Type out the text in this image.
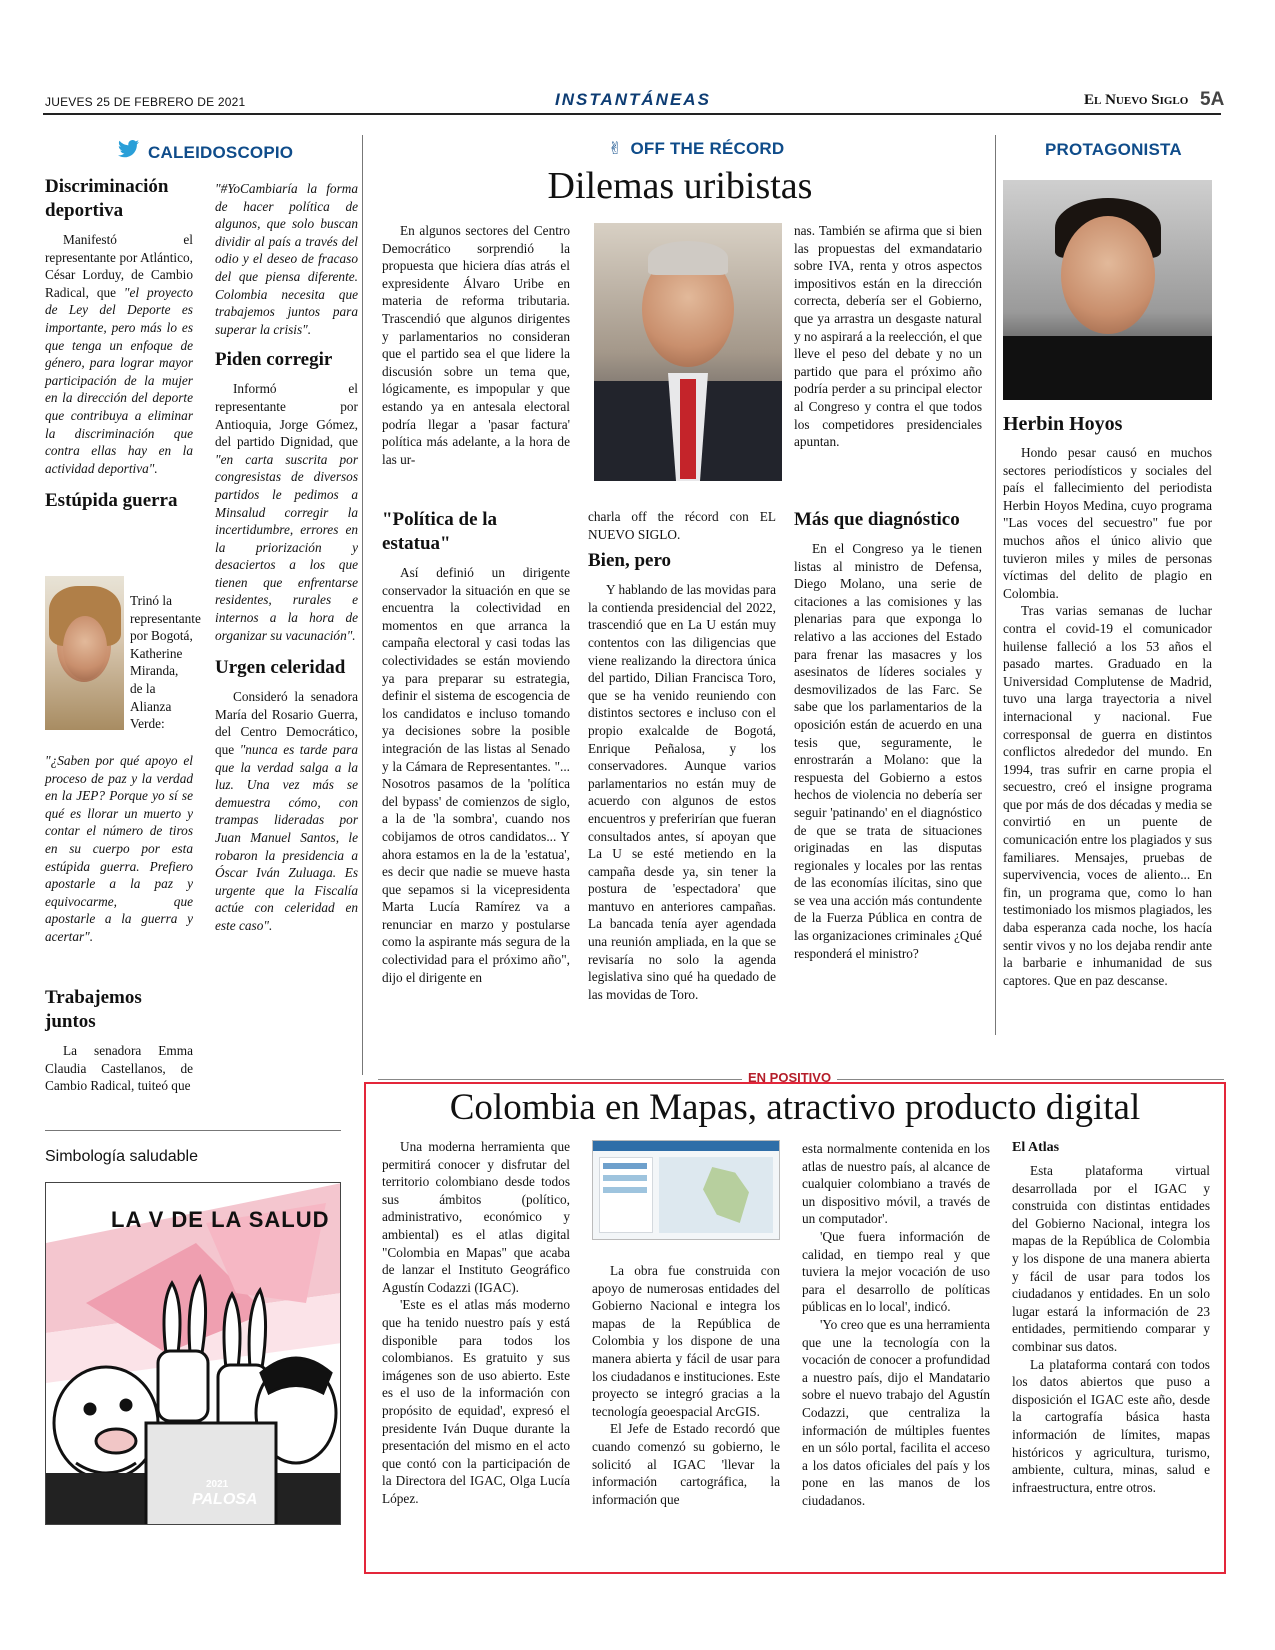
JUEVES 25 DE FEBRERO DE 2021	INSTANTÁNEAS	El Nuevo Siglo 5A
CALEIDOSCOPIO
Discriminación deportiva

Manifestó el representante por Atlántico, César Lorduy, de Cambio Radical, que "el proyecto de Ley del Deporte es importante, pero más lo es que tenga un enfoque de género, para lograr mayor participación de la mujer en la dirección del deporte que contribuya a eliminar la discriminación que contra ellas hay en la actividad deportiva".

Estúpida guerra
Trinó la representante por Bogotá, Katherine Miranda, de la Alianza Verde:
"¿Saben por qué apoyo el proceso de paz y la verdad en la JEP? Porque yo sí se qué es llorar un muerto y contar el número de tiros en su cuerpo por esta estúpida guerra. Prefiero apostarle a la paz y equivocarme, que apostarle a la guerra y acertar".
Trabajemos juntos

La senadora Emma Claudia Castellanos, de Cambio Radical, tuiteó que

"#YoCambiaría la forma de hacer política de algunos, que solo buscan dividir al país a través del odio y el deseo de fracaso del que piensa diferente. Colombia necesita que trabajemos juntos para superar la crisis".
Piden corregir

Informó el representante por Antioquia, Jorge Gómez, del partido Dignidad, que "en carta suscrita por congresistas de diversos partidos le pedimos a Minsalud corregir la incertidumbre, errores en la priorización y desaciertos a los que tienen que enfrentarse residentes, rurales e internos a la hora de organizar su vacunación".

Urgen celeridad

Consideró la senadora María del Rosario Guerra, del Centro Democrático, que "nunca es tarde para que la verdad salga a la luz. Una vez más se demuestra cómo, con trampas lideradas por Juan Manuel Santos, le robaron la presidencia a Óscar Iván Zuluaga. Es urgente que la Fiscalía actúe con celeridad en este caso".

✌ OFF THE RÉCORD
Dilemas uribistas

En algunos sectores del Centro Democrático sorprendió la propuesta que hiciera días atrás el expresidente Álvaro Uribe en materia de reforma tributaria. Trascendió que algunos dirigentes y parlamentarios no consideran que el partido sea el que lidere la discusión sobre un tema que, lógicamente, es impopular y que estando ya en antesala electoral podría llegar a 'pasar factura' política más adelante, a la hora de las ur-

nas. También se afirma que si bien las propuestas del exmandatario sobre IVA, renta y otros aspectos impositivos están en la dirección correcta, debería ser el Gobierno, que ya arrastra un desgaste natural y no aspirará a la reelección, el que lleve el peso del debate y no un partido que para el próximo año podría perder a su principal elector al Congreso y contra el que todos los competidores presidenciales apuntan.

"Política de la estatua"

Así definió un dirigente conservador la situación en que se encuentra la colectividad en momentos en que arranca la campaña electoral y casi todas las colectividades se están moviendo ya para preparar su estrategia, definir el sistema de escogencia de los candidatos e incluso tomando ya decisiones sobre la posible integración de las listas al Senado y la Cámara de Representantes. "... Nosotros pasamos de la 'política del bypass' de comienzos de siglo, a la de 'la sombra', cuando nos cobijamos de otros candidatos... Y ahora estamos en la de la 'estatua', es decir que nadie se mueve hasta que sepamos si la vicepresidenta Marta Lucía Ramírez va a renunciar en marzo y postularse como la aspirante más segura de la colectividad para el próximo año", dijo el dirigente en

charla off the récord con EL NUEVO SIGLO.

Bien, pero

Y hablando de las movidas para la contienda presidencial del 2022, trascendió que en La U están muy contentos con las diligencias que viene realizando la directora única del partido, Dilian Francisca Toro, que se ha venido reuniendo con distintos sectores e incluso con el propio exalcalde de Bogotá, Enrique Peñalosa, y los conservadores. Aunque varios parlamentarios no están muy de acuerdo con algunos de estos encuentros y preferirían que fueran consultados antes, sí apoyan que La U se esté metiendo en la campaña desde ya, sin tener la postura de 'espectadora' que mantuvo en anteriores campañas. La bancada tenía ayer agendada una reunión ampliada, en la que se revisaría no solo la agenda legislativa sino qué ha quedado de las movidas de Toro.

Más que diagnóstico

En el Congreso ya le tienen listas al ministro de Defensa, Diego Molano, una serie de citaciones a las comisiones y las plenarias para que exponga lo relativo a las acciones del Estado para frenar las masacres y los asesinatos de líderes sociales y desmovilizados de las Farc. Se sabe que los parlamentarios de la oposición están de acuerdo en una tesis que, seguramente, le enrostrarán a Molano: que la respuesta del Gobierno a estos hechos de violencia no debería ser seguir 'patinando' en el diagnóstico de que se trata de situaciones originadas en las disputas regionales y locales por las rentas de las economías ilícitas, sino que se vea una acción más contundente de la Fuerza Pública en contra de las organizaciones criminales ¿Qué responderá el ministro?

PROTAGONISTA
Herbin Hoyos

Hondo pesar causó en muchos sectores periodísticos y sociales del país el fallecimiento del periodista Herbin Hoyos Medina, cuyo programa "Las voces del secuestro" fue por muchos años el único alivio que tuvieron miles y miles de personas víctimas del delito de plagio en Colombia.

Tras varias semanas de luchar contra el covid-19 el comunicador huilense falleció a los 53 años el pasado martes. Graduado en la Universidad Complutense de Madrid, tuvo una larga trayectoria a nivel internacional y nacional. Fue corresponsal de guerra en distintos conflictos alrededor del mundo. En 1994, tras sufrir en carne propia el secuestro, creó el insigne programa que por más de dos décadas y media se convirtió en un puente de comunicación entre los plagiados y sus familiares. Mensajes, pruebas de supervivencia, voces de aliento... En fin, un programa que, como lo han testimoniado los mismos plagiados, les daba esperanza cada noche, los hacía sentir vivos y no los dejaba rendir ante la barbarie e inhumanidad de sus captores. Que en paz descanse.

EN POSITIVO
Colombia en Mapas, atractivo producto digital

Una moderna herramienta que permitirá conocer y disfrutar del territorio colombiano desde todos sus ámbitos (político, administrativo, económico y ambiental) es el atlas digital "Colombia en Mapas" que acaba de lanzar el Instituto Geográfico Agustín Codazzi (IGAC).

'Este es el atlas más moderno que ha tenido nuestro país y está disponible para todos los colombianos. Es gratuito y sus imágenes son de uso abierto. Este es el uso de la información con propósito de equidad', expresó el presidente Iván Duque durante la presentación del mismo en el acto que contó con la participación de la Directora del IGAC, Olga Lucía López.

La obra fue construida con apoyo de numerosas entidades del Gobierno Nacional e integra los mapas de la República de Colombia y los dispone de una manera abierta y fácil de usar para los ciudadanos e instituciones. Este proyecto se integró gracias a la tecnología geoespacial ArcGIS.

El Jefe de Estado recordó que cuando comenzó su gobierno, le solicitó al IGAC 'llevar la información cartográfica, la información que

esta normalmente contenida en los atlas de nuestro país, al alcance de cualquier colombiano a través de un dispositivo móvil, a través de un computador'.

'Que fuera información de calidad, en tiempo real y que tuviera la mejor vocación de uso para el desarrollo de políticas públicas en lo local', indicó.

'Yo creo que es una herramienta que une la tecnología con la vocación de conocer a profundidad a nuestro país, dijo el Mandatario sobre el nuevo trabajo del Agustín Codazzi, que centraliza la información de múltiples fuentes en un sólo portal, facilita el acceso a los datos oficiales del país y los pone en las manos de los ciudadanos.

El Atlas

Esta plataforma virtual desarrollada por el IGAC y construida con distintas entidades del Gobierno Nacional, integra los mapas de la República de Colombia y los dispone de una manera abierta y fácil de usar para todos los ciudadanos y entidades. En un solo lugar estará la información de 23 entidades, permitiendo comparar y combinar sus datos.

La plataforma contará con todos los datos abiertos que puso a disposición el IGAC este año, desde la cartografía básica hasta información de límites, mapas históricos y agricultura, turismo, ambiente, cultura, minas, salud e infraestructura, entre otros.

Simbología saludable
LA V DE LA SALUD
2021
PALOSA
